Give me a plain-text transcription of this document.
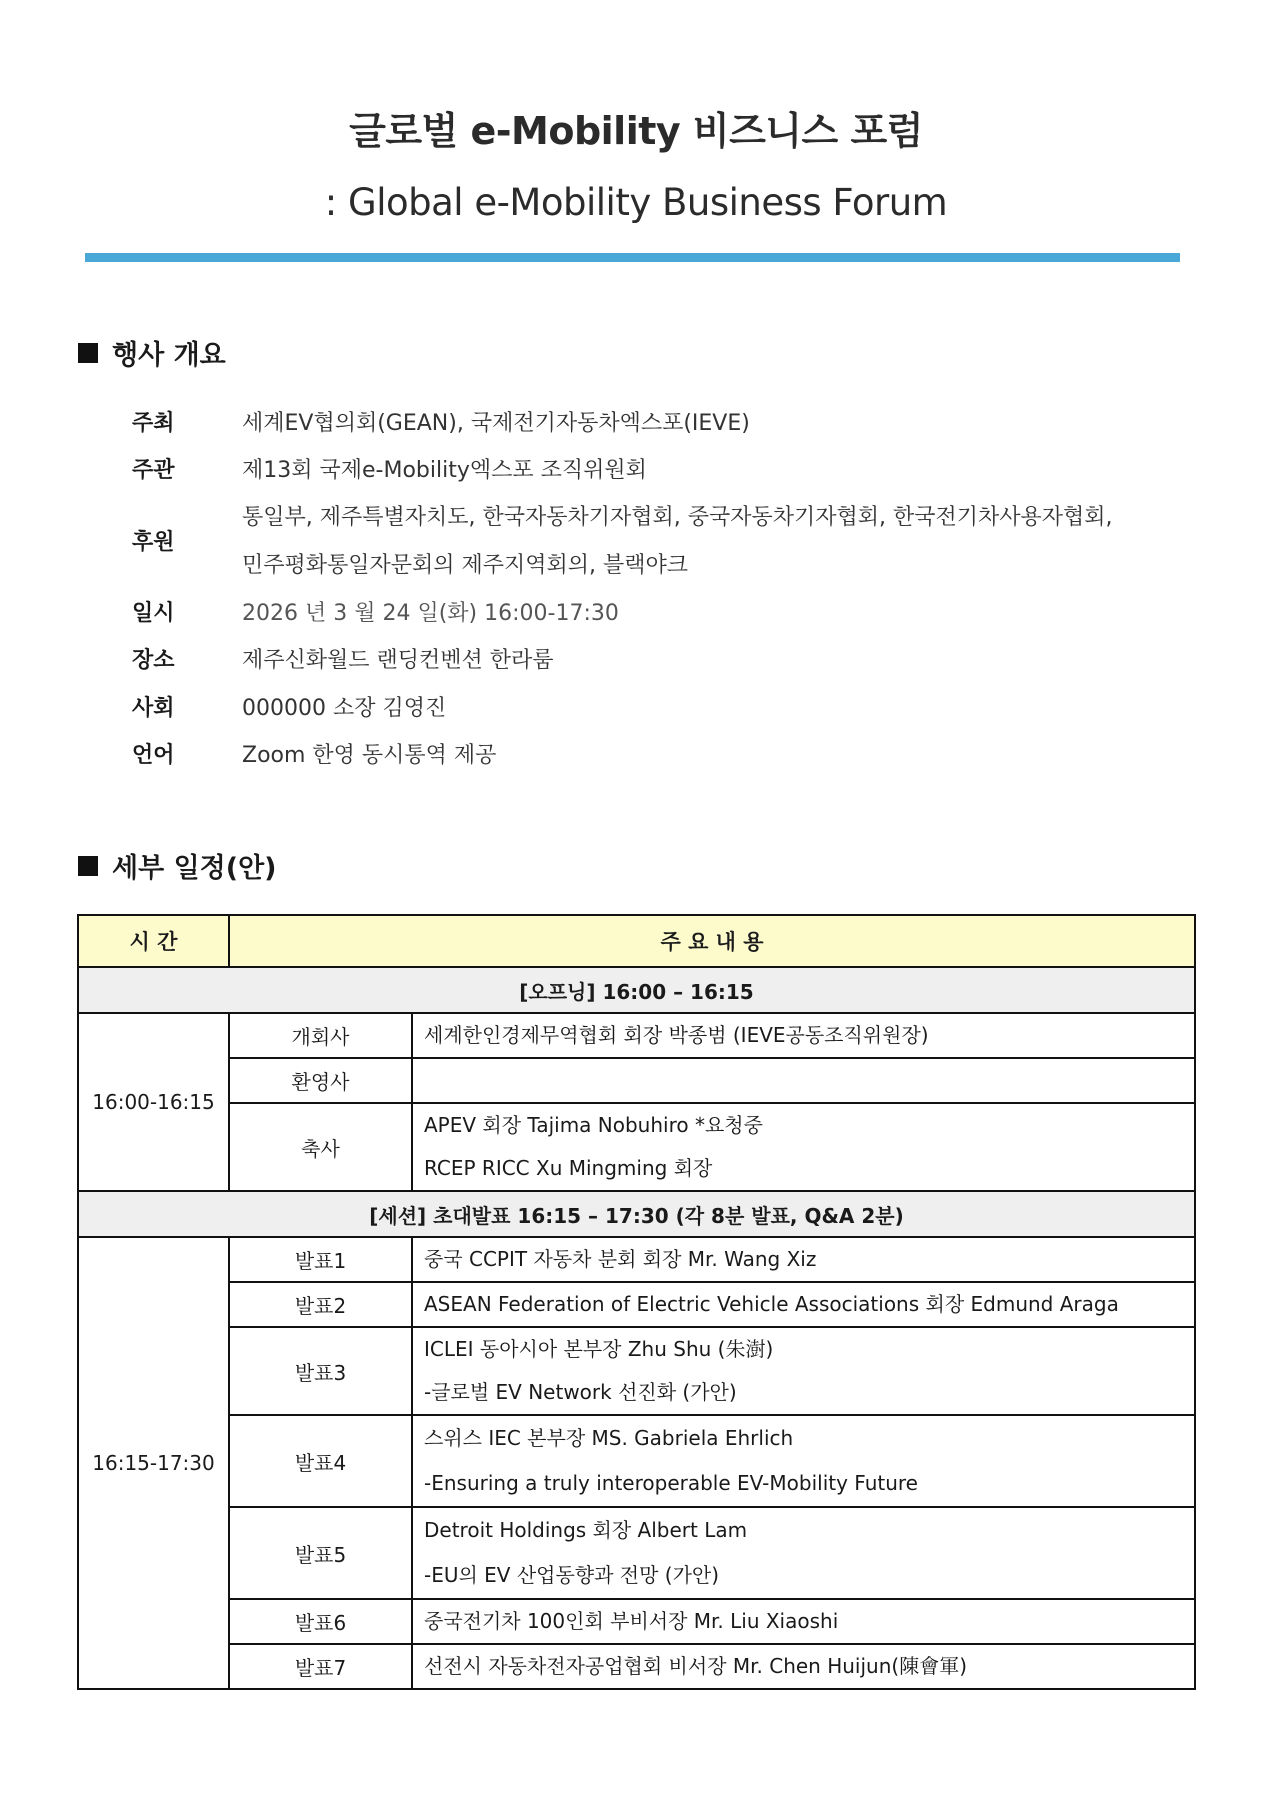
글로벌 e-Mobility 비즈니스 포럼
: Global e-Mobility Business Forum
행사 개요
주최	세계EV협의회(GEAN), 국제전기자동차엑스포(IEVE)
주관	제13회 국제e-Mobility엑스포 조직위원회
후원
통일부, 제주특별자치도, 한국자동차기자협회, 중국자동차기자협회, 한국전기차사용자협회,
민주평화통일자문회의 제주지역회의, 블랙야크
일시	2026 년 3 월 24 일(화) 16:00-17:30
장소	제주신화월드 랜딩컨벤션 한라룸
사회	000000 소장 김영진
언어	Zoom 한영 동시통역 제공
세부 일정(안)
시 간	주 요 내 용	
[오프닝] 16:00 – 16:15		
16:00-16:15	개회사	세계한인경제무역협회 회장 박종범 (IEVE공동조직위원장)

	환영사	

	축사	APEV 회장 Tajima Nobuhiro *요청중
RCEP RICC Xu Mingming 회장

[세션] 초대발표 16:15 – 17:30 (각 8분 발표, Q&A 2분)		
16:15-17:30	발표1	중국 CCPIT 자동차 분회 회장 Mr. Wang Xiz

	발표2	ASEAN Federation of Electric Vehicle Associations 회장 Edmund Araga

	발표3	ICLEI 동아시아 본부장 Zhu Shu (朱澍)
-글로벌 EV Network 선진화 (가안)

	발표4	스위스 IEC 본부장 MS. Gabriela Ehrlich
-Ensuring a truly interoperable EV-Mobility Future

	발표5	Detroit Holdings 회장 Albert Lam
-EU의 EV 산업동향과 전망 (가안)

	발표6	중국전기차 100인회 부비서장 Mr. Liu Xiaoshi

	발표7	선전시 자동차전자공업협회 비서장 Mr. Chen Huijun(陳會軍)
